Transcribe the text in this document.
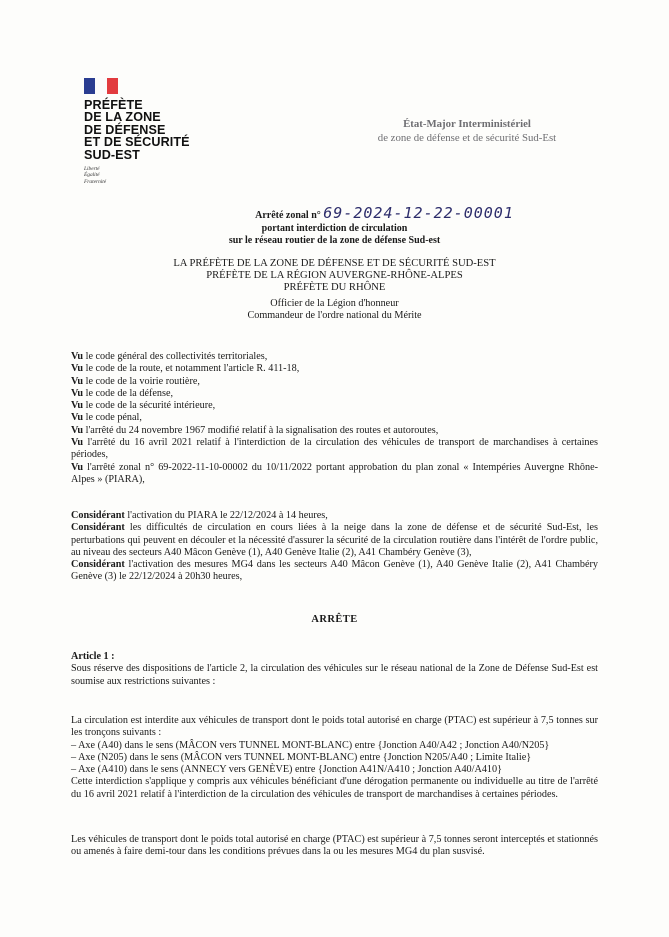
PRÉFÈTE
DE LA ZONE
DE DÉFENSE
ET DE SÉCURITÉ
SUD-EST
Liberté
Égalité
Fraternité
État-Major Interministériel
de zone de défense et de sécurité Sud-Est
Arrêté zonal n° 69-2024-12-22-00001
portant interdiction de circulation
sur le réseau routier de la zone de défense Sud-est
LA PRÉFÈTE DE LA ZONE DE DÉFENSE ET DE SÉCURITÉ SUD-EST
PRÉFÈTE DE LA RÉGION AUVERGNE-RHÔNE-ALPES
PRÉFÈTE DU RHÔNE
Officier de la Légion d'honneur
Commandeur de l'ordre national du Mérite

Vu le code général des collectivités territoriales,

Vu le code de la route, et notamment l'article R. 411-18,

Vu le code de la voirie routière,

Vu le code de la défense,

Vu le code de la sécurité intérieure,

Vu le code pénal,

Vu l'arrêté du 24 novembre 1967 modifié relatif à la signalisation des routes et autoroutes,

Vu l'arrêté du 16 avril 2021 relatif à l'interdiction de la circulation des véhicules de transport de marchandises à certaines périodes,

Vu l'arrêté zonal n° 69-2022-11-10-00002 du 10/11/2022 portant approbation du plan zonal « Intempéries Auvergne Rhône-Alpes » (PIARA),

Considérant l'activation du PIARA le 22/12/2024 à 14 heures,

Considérant les difficultés de circulation en cours liées à la neige dans la zone de défense et de sécurité Sud-Est, les perturbations qui peuvent en découler et la nécessité d'assurer la sécurité de la circulation routière dans l'intérêt de l'ordre public, au niveau des secteurs A40 Mâcon Genève (1), A40 Genève Italie (2), A41 Chambéry Genève (3),

Considérant l'activation des mesures MG4 dans les secteurs A40 Mâcon Genève (1), A40 Genève Italie (2), A41 Chambéry Genève (3) le 22/12/2024 à 20h30 heures,

ARRÊTE

Article 1 :

Sous réserve des dispositions de l'article 2, la circulation des véhicules sur le réseau national de la Zone de Défense Sud-Est est soumise aux restrictions suivantes :

La circulation est interdite aux véhicules de transport dont le poids total autorisé en charge (PTAC) est supérieur à 7,5 tonnes sur les tronçons suivants :

– Axe (A40) dans le sens (MÂCON vers TUNNEL MONT-BLANC) entre {Jonction A40/A42 ; Jonction A40/N205}

– Axe (N205) dans le sens (MÂCON vers TUNNEL MONT-BLANC) entre {Jonction N205/A40 ; Limite Italie}

– Axe (A410) dans le sens (ANNECY vers GENÈVE) entre {Jonction A41N/A410 ; Jonction A40/A410}

Cette interdiction s'applique y compris aux véhicules bénéficiant d'une dérogation permanente ou individuelle au titre de l'arrêté du 16 avril 2021 relatif à l'interdiction de la circulation des véhicules de transport de marchandises à certaines périodes.

Les véhicules de transport dont le poids total autorisé en charge (PTAC) est supérieur à 7,5 tonnes seront interceptés et stationnés ou amenés à faire demi-tour dans les conditions prévues dans la ou les mesures MG4 du plan susvisé.
